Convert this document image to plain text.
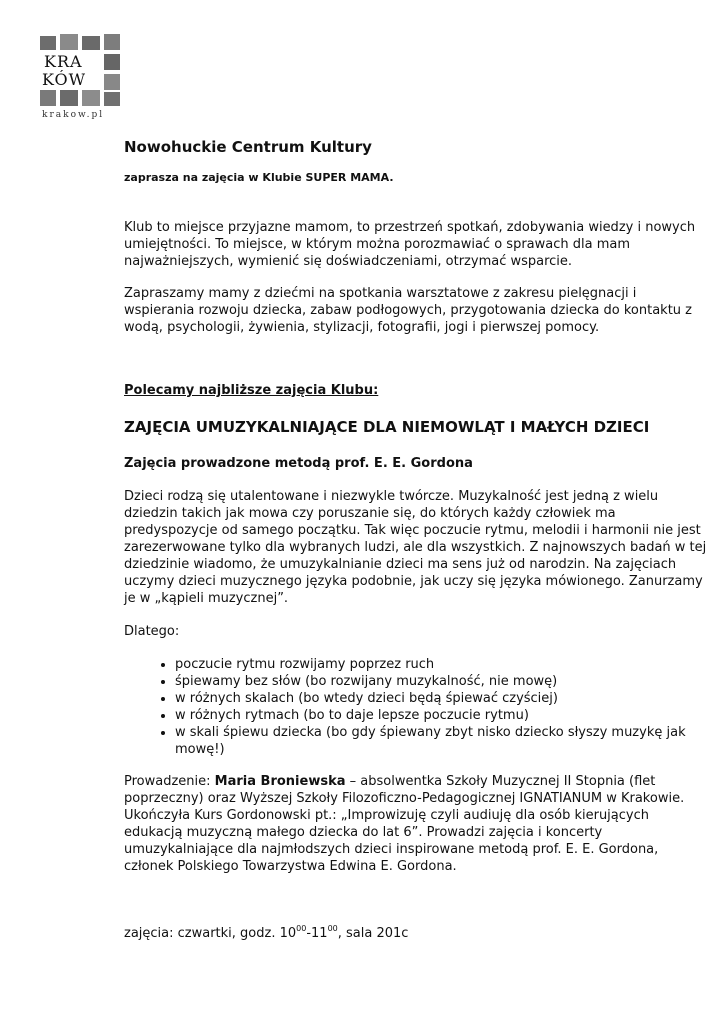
KRA
KÓW
krakow.pl
Nowohuckie Centrum Kultury
zaprasza na zajęcia w Klubie SUPER MAMA.
Klub to miejsce przyjazne mamom, to przestrzeń spotkań, zdobywania wiedzy i nowych umiejętności. To miejsce, w którym można porozmawiać o sprawach dla mam najważniejszych, wymienić się doświadczeniami, otrzymać wsparcie.
Zapraszamy mamy z dziećmi na spotkania warsztatowe z zakresu pielęgnacji i wspierania rozwoju dziecka, zabaw podłogowych, przygotowania dziecka do kontaktu z wodą, psychologii, żywienia, stylizacji, fotografii, jogi i pierwszej pomocy.
Polecamy najbliższe zajęcia Klubu:
ZAJĘCIA UMUZYKALNIAJĄCE DLA NIEMOWLĄT I MAŁYCH DZIECI
Zajęcia prowadzone metodą prof. E. E. Gordona
Dzieci rodzą się utalentowane i niezwykle twórcze. Muzykalność jest jedną z wielu dziedzin takich jak mowa czy poruszanie się, do których każdy człowiek ma predyspozycje od samego początku. Tak więc poczucie rytmu, melodii i harmonii nie jest zarezerwowane tylko dla wybranych ludzi, ale dla wszystkich. Z najnowszych badań w tej dziedzinie wiadomo, że umuzykalnianie dzieci ma sens już od narodzin. Na zajęciach uczymy dzieci muzycznego języka podobnie, jak uczy się języka mówionego. Zanurzamy je w „kąpieli muzycznej”.
Dlatego:
• poczucie rytmu rozwijamy poprzez ruch
• śpiewamy bez słów (bo rozwijany muzykalność, nie mowę)
• w różnych skalach (bo wtedy dzieci będą śpiewać czyściej)
• w różnych rytmach (bo to daje lepsze poczucie rytmu)
• w skali śpiewu dziecka (bo gdy śpiewany zbyt nisko dziecko słyszy muzykę jak mowę!)
Prowadzenie: Maria Broniewska – absolwentka Szkoły Muzycznej II Stopnia (flet poprzeczny) oraz Wyższej Szkoły Filozoficzno-Pedagogicznej IGNATIANUM w Krakowie. Ukończyła Kurs Gordonowski pt.: „Improwizuję czyli audiuję dla osób kierujących edukacją muzyczną małego dziecka do lat 6”. Prowadzi zajęcia i koncerty umuzykalniające dla najmłodszych dzieci inspirowane metodą prof. E. E. Gordona, członek Polskiego Towarzystwa Edwina E. Gordona.
zajęcia: czwartki, godz. $10^{00}-11^{00}$, sala 201c
